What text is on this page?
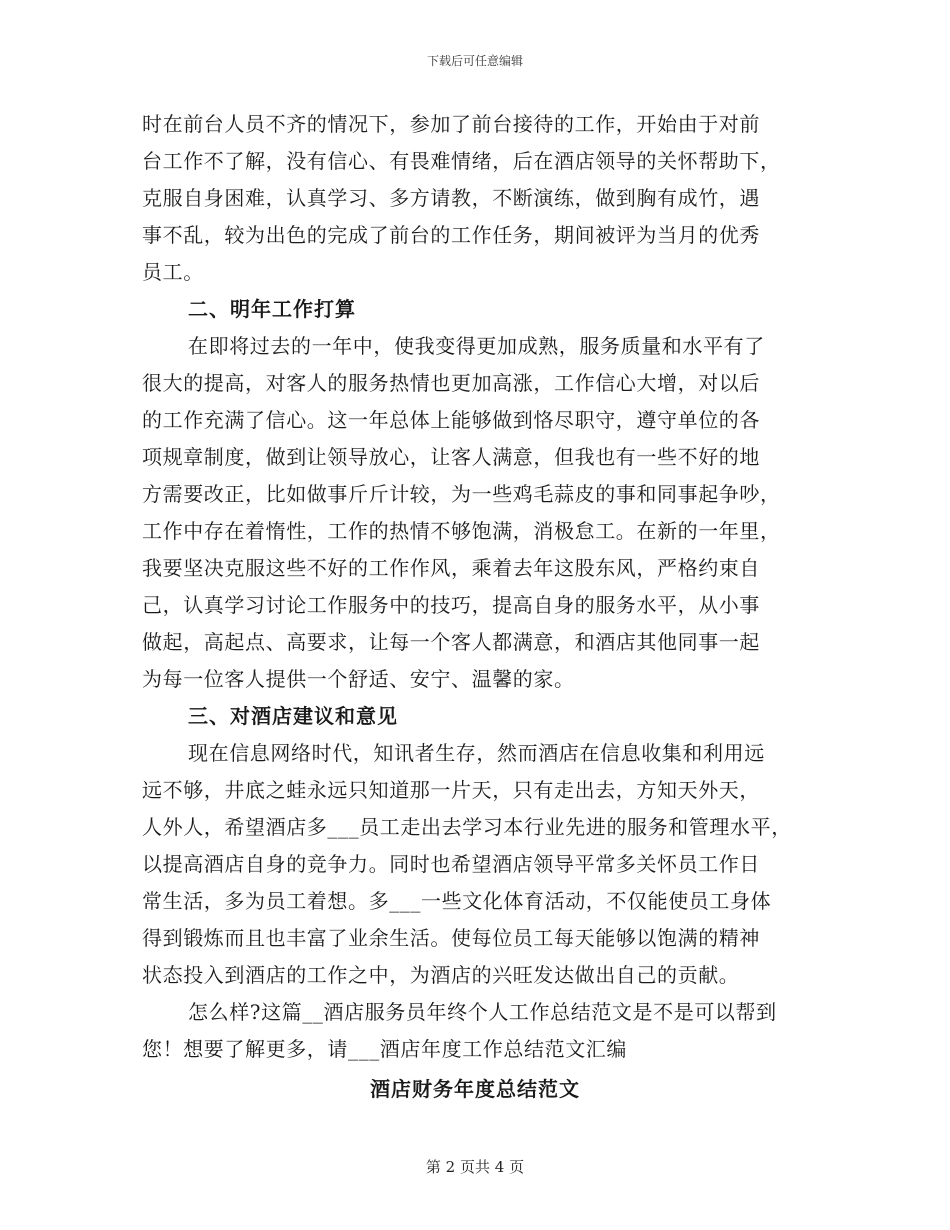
下载后可任意编辑
时在前台人员不齐的情况下，参加了前台接待的工作，开始由于对前
台工作不了解，没有信心、有畏难情绪，后在酒店领导的关怀帮助下，
克服自身困难，认真学习、多方请教，不断演练，做到胸有成竹，遇
事不乱，较为出色的完成了前台的工作任务，期间被评为当月的优秀
员工。
二、明年工作打算
在即将过去的一年中，使我变得更加成熟，服务质量和水平有了
很大的提高，对客人的服务热情也更加高涨，工作信心大增，对以后
的工作充满了信心。这一年总体上能够做到恪尽职守，遵守单位的各
项规章制度，做到让领导放心，让客人满意，但我也有一些不好的地
方需要改正，比如做事斤斤计较，为一些鸡毛蒜皮的事和同事起争吵，
工作中存在着惰性，工作的热情不够饱满，消极怠工。在新的一年里，
我要坚决克服这些不好的工作作风，乘着去年这股东风，严格约束自
己，认真学习讨论工作服务中的技巧，提高自身的服务水平，从小事
做起，高起点、高要求，让每一个客人都满意，和酒店其他同事一起
为每一位客人提供一个舒适、安宁、温馨的家。
三、对酒店建议和意见
现在信息网络时代，知讯者生存，然而酒店在信息收集和利用远
远不够，井底之蛙永远只知道那一片天，只有走出去，方知天外天，
人外人，希望酒店多___员工走出去学习本行业先进的服务和管理水平，
以提高酒店自身的竞争力。同时也希望酒店领导平常多关怀员工作日
常生活，多为员工着想。多___一些文化体育活动，不仅能使员工身体
得到锻炼而且也丰富了业余生活。使每位员工每天能够以饱满的精神
状态投入到酒店的工作之中，为酒店的兴旺发达做出自己的贡献。
怎么样?这篇__酒店服务员年终个人工作总结范文是不是可以帮到
您！想要了解更多，请___酒店年度工作总结范文汇编
酒店财务年度总结范文
第 2 页共 4 页
